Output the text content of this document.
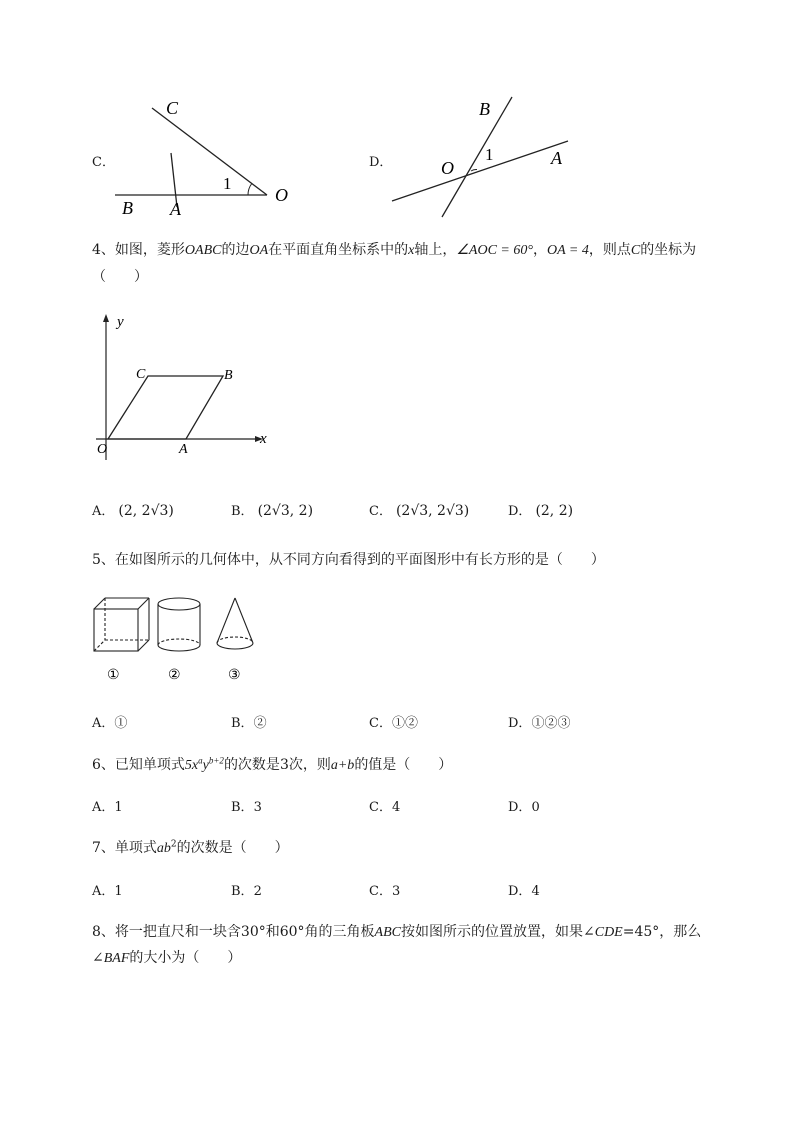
C．
C
B A
O
1
D．
B
O
1	A
4、如图，菱形OABC的边OA在平面直角坐标系中的x轴上，∠AOC = 60°，OA = 4，则点C的坐标为
（　　）
y
x
C	B
O	A
A． (2, 2√3)	B． (2√3, 2)	C． (2√3, 2√3)	D． (2, 2)
5、在如图所示的几何体中，从不同方向看得到的平面图形中有长方形的是（　　）
①	②	③
A．①	B．②	C．①②	D．①②③
6、已知单项式$5x^ay^{b+2}$的次数是3次，则a+b的值是（　　）
A．1	B．3	C．4	D．0
7、单项式$ab^2$的次数是（　　）
A．1	B．2	C．3	D．4
8、将一把直尺和一块含30°和60°角的三角板ABC按如图所示的位置放置，如果∠CDE=45°，那么
∠BAF的大小为（　　）
